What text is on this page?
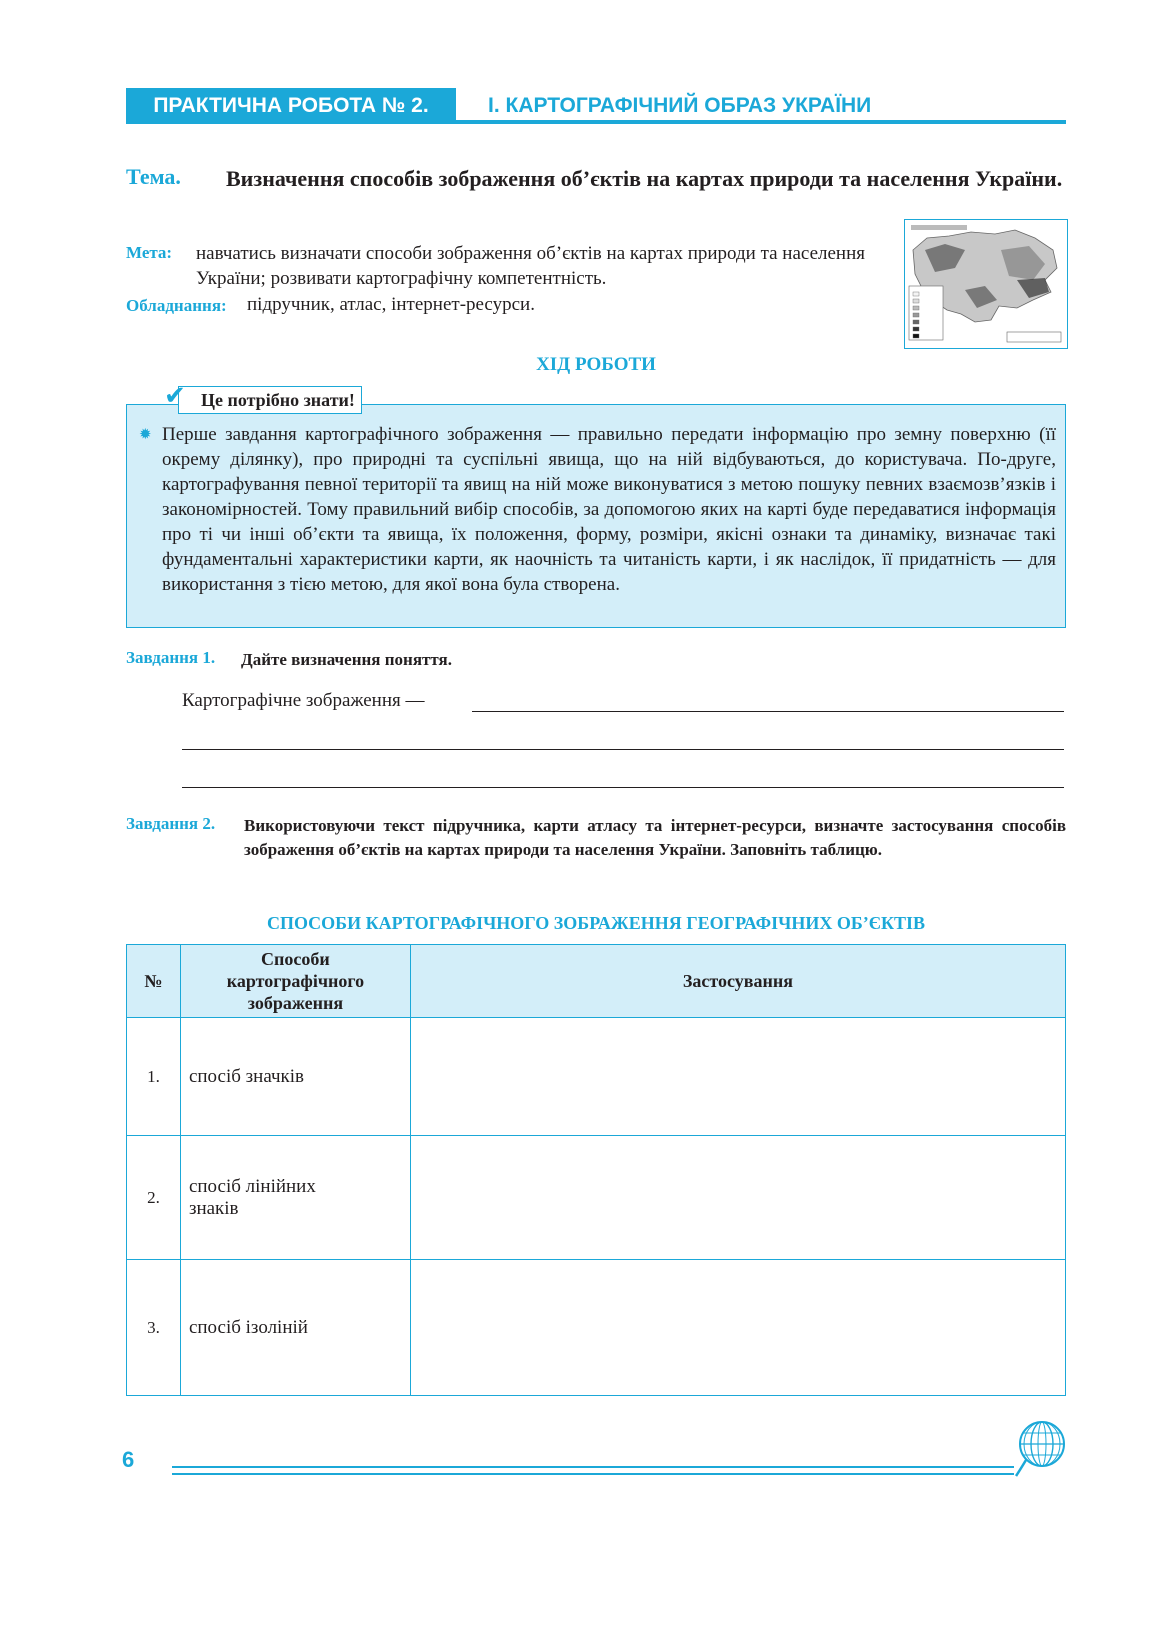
ПРАКТИЧНА РОБОТА № 2.	І. КАРТОГРАФІЧНИЙ ОБРАЗ УКРАЇНИ
Тема. Визначення способів зображення об’єктів на картах природи та населення України.
Мета: навчатись визначати способи зображення об’єктів на картах природи та населення України; розвивати картографічну компетентність.
Обладнання: підручник, атлас, інтернет-ресурси.
ХІД РОБОТИ
Це потрібно знати!
✔
✹ Перше завдання картографічного зображення — правильно передати інформацію про земну поверхню (її окрему ділянку), про природні та суспільні явища, що на ній відбуваються, до користувача. По-друге, картографування певної території та явищ на ній може виконуватися з метою пошуку певних взаємозв’язків і закономірностей. Тому правильний вибір способів, за допомогою яких на карті буде передаватися інформація про ті чи інші об’єкти та явища, їх положення, форму, розміри, якісні ознаки та динаміку, визначає такі фундаментальні характеристики карти, як наочність та читаність карти, і як наслідок, її придатність — для використання з тією метою, для якої вона була створена.
Завдання 1. Дайте визначення поняття.
Картографічне зображення —
Завдання 2. Використовуючи текст підручника, карти атласу та інтернет-ресурси, визначте застосування способів зображення об’єктів на картах природи та населення України. Заповніть таблицю.
СПОСОБИ КАРТОГРАФІЧНОГО ЗОБРАЖЕННЯ ГЕОГРАФІЧНИХ ОБ’ЄКТІВ
№	Способи картографічного зображення	Застосування
1.	спосіб значків	
2.	спосіб лінійних знаків	
3.	спосіб ізоліній	
6
